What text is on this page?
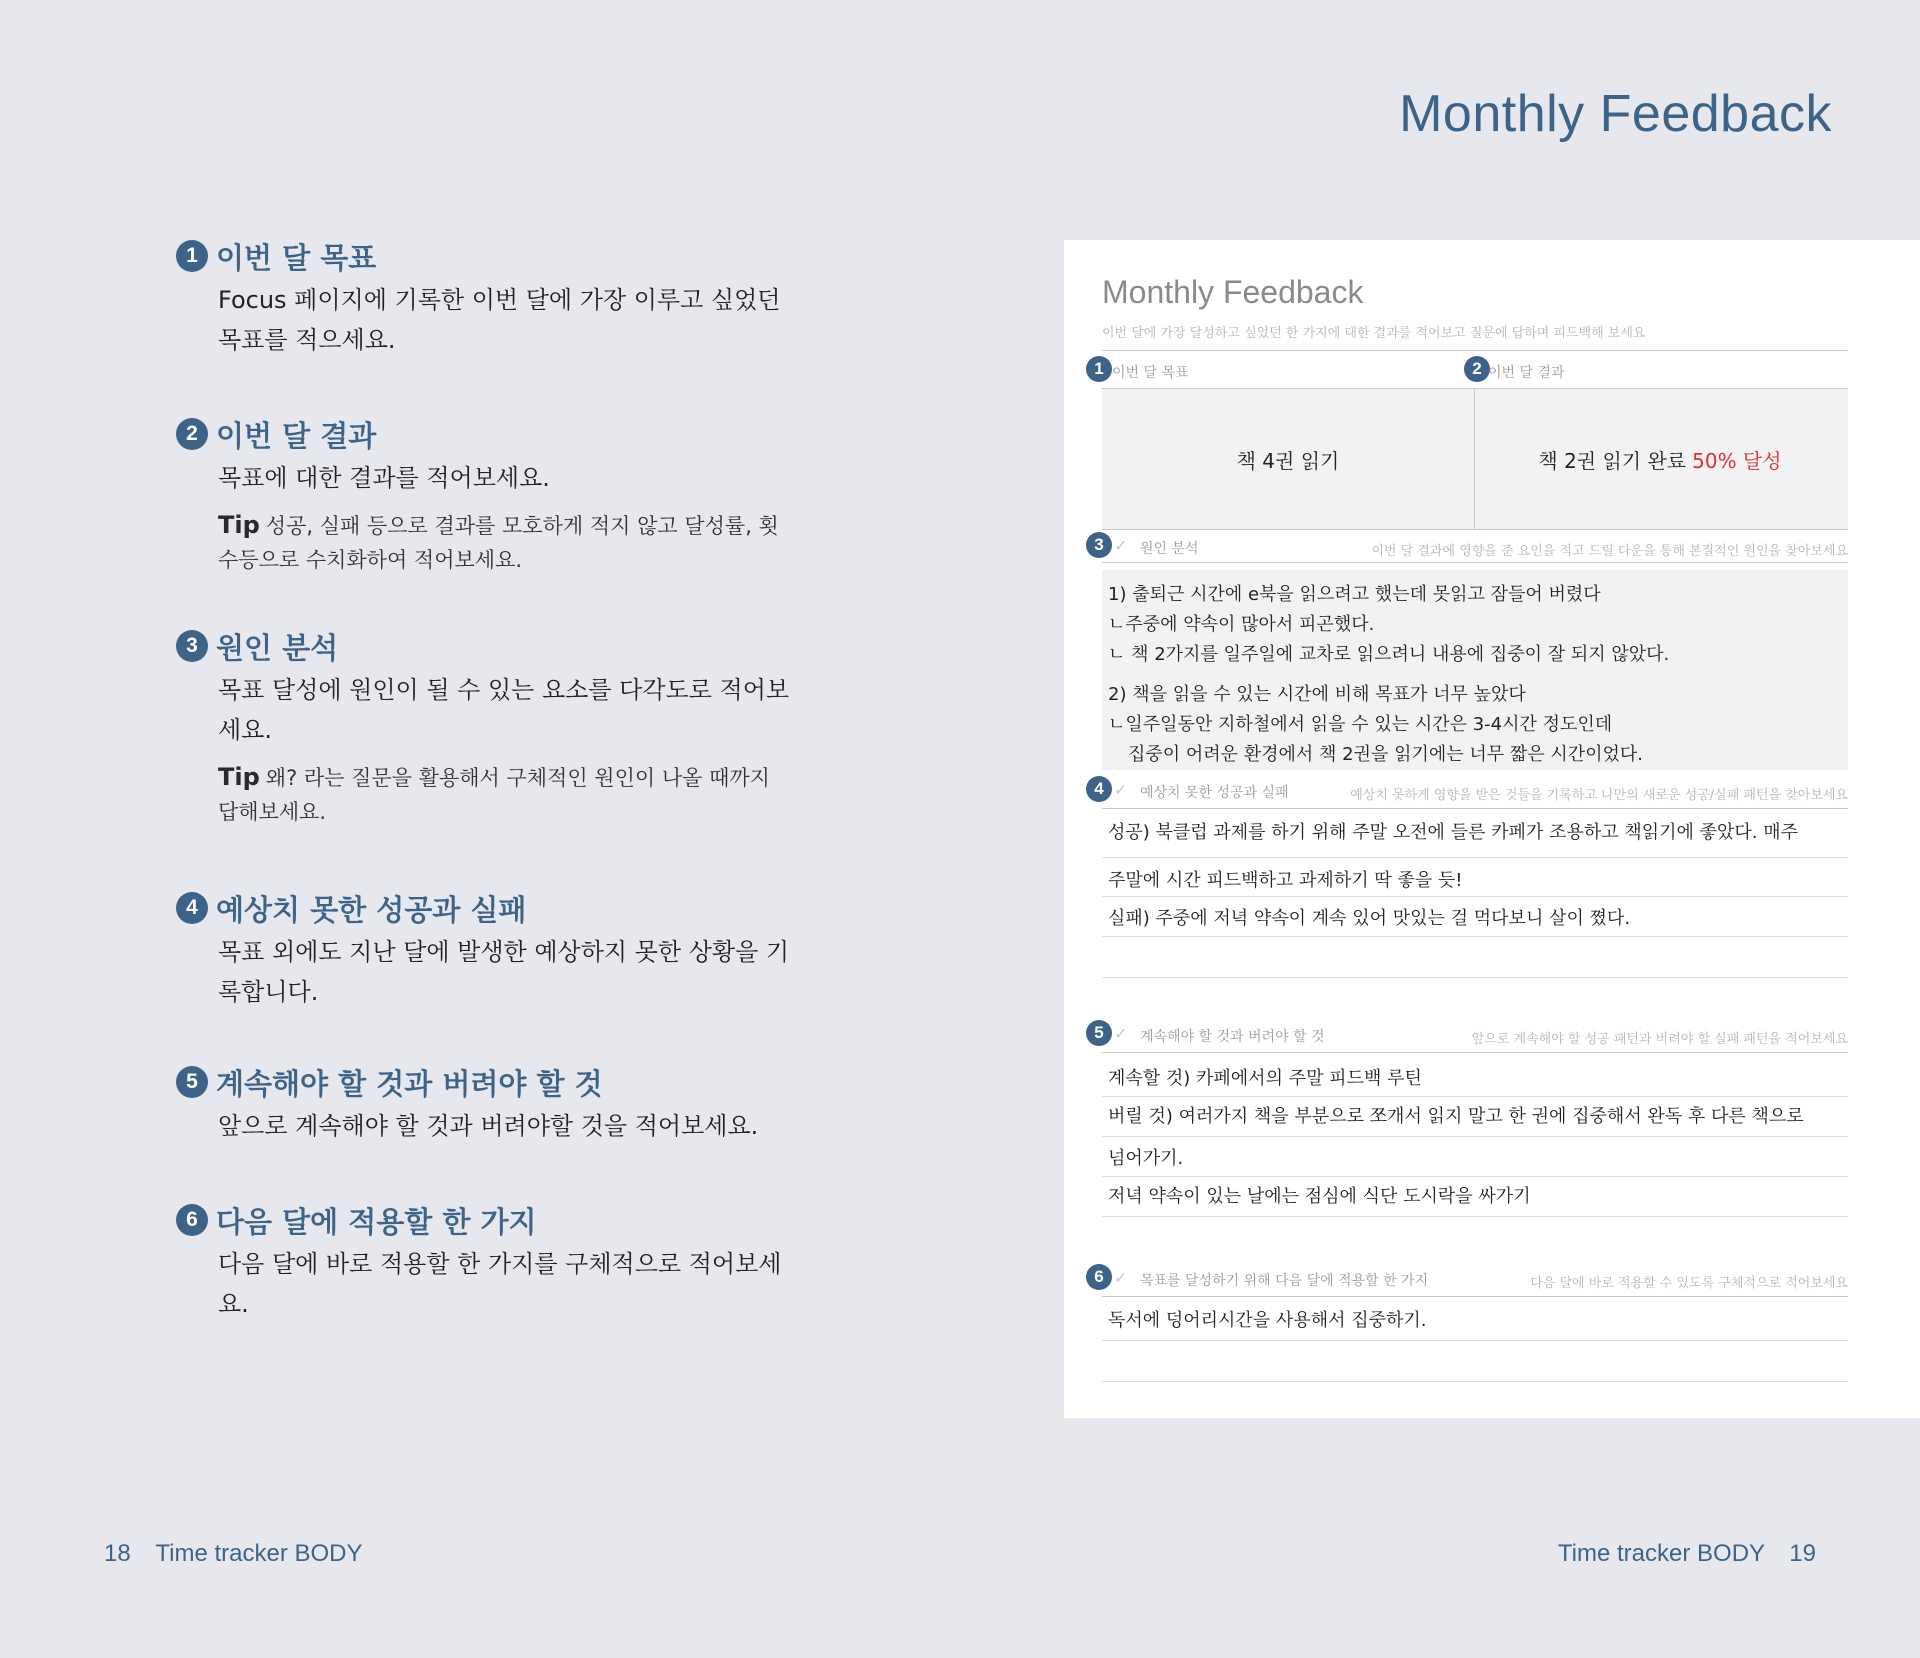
Monthly Feedback
1 이번 달 목표
Focus 페이지에 기록한 이번 달에 가장 이루고 싶었던 목표를 적으세요.
2 이번 달 결과
목표에 대한 결과를 적어보세요.
Tip 성공, 실패 등으로 결과를 모호하게 적지 않고 달성률, 횟수등으로 수치화하여 적어보세요.
3 원인 분석
목표 달성에 원인이 될 수 있는 요소를 다각도로 적어보세요.
Tip 왜? 라는 질문을 활용해서 구체적인 원인이 나올 때까지 답해보세요.
4 예상치 못한 성공과 실패
목표 외에도 지난 달에 발생한 예상하지 못한 상황을 기록합니다.
5 계속해야 할 것과 버려야 할 것
앞으로 계속해야 할 것과 버려야할 것을 적어보세요.
6 다음 달에 적용할 한 가지
다음 달에 바로 적용할 한 가지를 구체적으로 적어보세요.
Monthly Feedback
이번 달에 가장 달성하고 싶었던 한 가지에 대한 결과를 적어보고 질문에 답하며 피드백해 보세요
1 이번 달 목표	2 이번 달 결과
책 4권 읽기	책 2권 읽기 완료 50% 달성
3 ✓ 원인 분석	이번 달 결과에 영향을 준 요인을 적고 드릴 다운을 통해 본질적인 원인을 찾아보세요
1) 출퇴근 시간에 e북을 읽으려고 했는데 못읽고 잠들어 버렸다
ㄴ주중에 약속이 많아서 피곤했다.
ㄴ 책 2가지를 일주일에 교차로 읽으려니 내용에 집중이 잘 되지 않았다.
2) 책을 읽을 수 있는 시간에 비해 목표가 너무 높았다
ㄴ일주일동안 지하철에서 읽을 수 있는 시간은 3-4시간 정도인데
집중이 어려운 환경에서 책 2권을 읽기에는 너무 짧은 시간이었다.
4 ✓ 예상치 못한 성공과 실패	예상치 못하게 영향을 받은 것들을 기록하고 나만의 새로운 성공/실패 패턴을 찾아보세요
성공) 북클럽 과제를 하기 위해 주말 오전에 들른 카페가 조용하고 책읽기에 좋았다. 매주
주말에 시간 피드백하고 과제하기 딱 좋을 듯!
실패) 주중에 저녁 약속이 계속 있어 맛있는 걸 먹다보니 살이 쪘다.
5 ✓ 계속해야 할 것과 버려야 할 것	앞으로 계속해야 할 성공 패턴과 버려야 할 실패 패턴을 적어보세요
계속할 것) 카페에서의 주말 피드백 루틴
버릴 것) 여러가지 책을 부분으로 쪼개서 읽지 말고 한 권에 집중해서 완독 후 다른 책으로
넘어가기.
저녁 약속이 있는 날에는 점심에 식단 도시락을 싸가기
6 ✓ 목표를 달성하기 위해 다음 달에 적용할 한 가지	다음 달에 바로 적용할 수 있도록 구체적으로 적어보세요
독서에 덩어리시간을 사용해서 집중하기.
18 Time tracker BODY	Time tracker BODY 19
